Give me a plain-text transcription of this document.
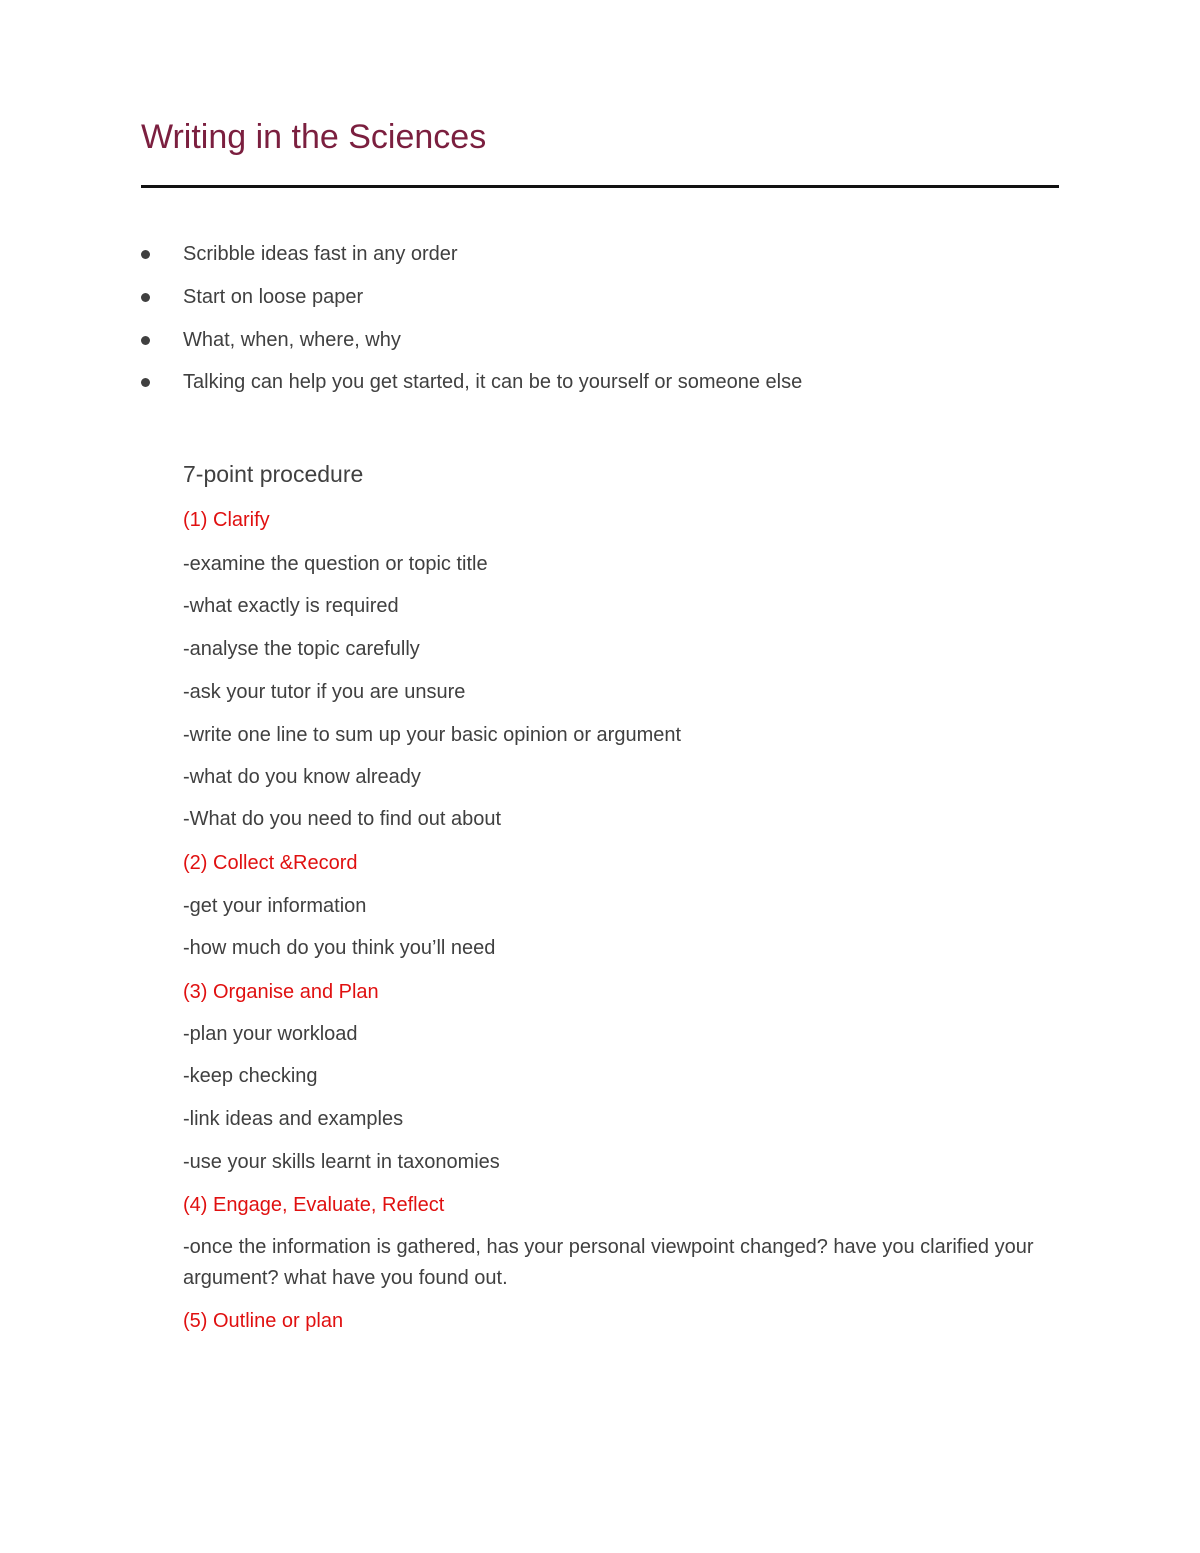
Writing in the Sciences
Scribble ideas fast in any order
Start on loose paper
What, when, where, why
Talking can help you get started, it can be to yourself or someone else
7-point procedure
(1) Clarify
-examine the question or topic title
-what exactly is required
-analyse the topic carefully
-ask your tutor if you are unsure
-write one line to sum up your basic opinion or argument
-what do you know already
-What do you need to find out about
(2) Collect &Record
-get your information
-how much do you think you’ll need
(3) Organise and Plan
-plan your workload
-keep checking
-link ideas and examples
-use your skills learnt in taxonomies
(4) Engage, Evaluate, Reflect
-once the information is gathered, has your personal viewpoint changed? have you clarified your argument? what have you found out.
(5) Outline or plan
